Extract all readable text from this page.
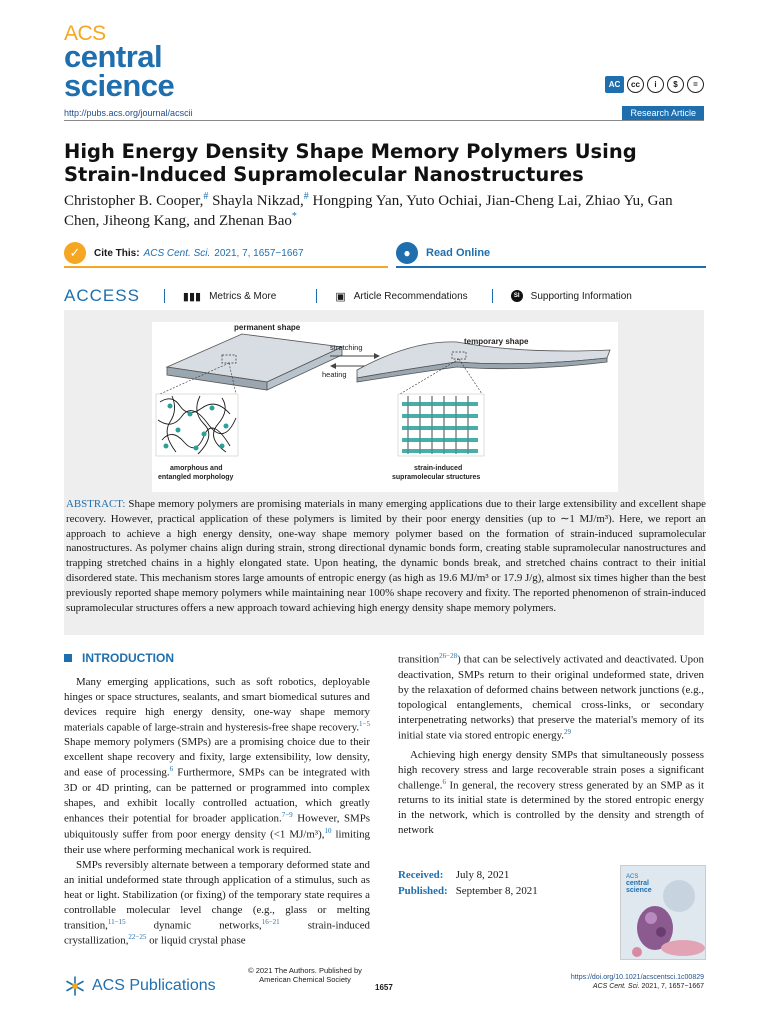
ACS
central
science	AC	cc	i	$	=
http://pubs.acs.org/journal/acscii	Research Article
High Energy Density Shape Memory Polymers Using Strain-Induced Supramolecular Nanostructures
Christopher B. Cooper,# Shayla Nikzad,# Hongping Yan, Yuto Ochiai, Jian-Cheng Lai, Zhiao Yu, Gan Chen, Jiheong Kang, and Zhenan Bao*
✓	Cite This: ACS Cent. Sci. 2021, 7, 1657−1667	●	Read Online
ACCESS	▮▮▮ Metrics & More	▣ Article Recommendations	SI	Supporting Information
permanent shape
stretching
heating
temporary shape
amorphous and
entangled morphology
strain-induced
supramolecular structures
ABSTRACT: Shape memory polymers are promising materials in many emerging applications due to their large extensibility and excellent shape recovery. However, practical application of these polymers is limited by their poor energy densities (up to ∼1 MJ/m³). Here, we report an approach to achieve a high energy density, one-way shape memory polymer based on the formation of strain-induced supramolecular nanostructures. As polymer chains align during strain, strong directional dynamic bonds form, creating stable supramolecular nanostructures and trapping stretched chains in a highly elongated state. Upon heating, the dynamic bonds break, and stretched chains contract to their initial disordered state. This mechanism stores large amounts of entropic energy (as high as 19.6 MJ/m³ or 17.9 J/g), almost six times higher than the best previously reported shape memory polymers while maintaining near 100% shape recovery and fixity. The reported phenomenon of strain-induced supramolecular structures offers a new approach toward achieving high energy density shape memory polymers.
INTRODUCTION

Many emerging applications, such as soft robotics, deployable hinges or space structures, sealants, and smart biomedical sutures and devices require high energy density, one-way shape memory materials capable of large-strain and hysteresis-free shape recovery.$^{1-5}$ Shape memory polymers (SMPs) are a promising choice due to their excellent shape recovery and fixity, large extensibility, low density, and ease of processing.$^6$ Furthermore, SMPs can be integrated with 3D or 4D printing, can be patterned or programmed into complex shapes, and exhibit locally controlled actuation, which greatly enhances their potential for broader application.$^{7-9}$ However, SMPs ubiquitously suffer from poor energy density (<1 MJ/m³),$^{10}$ limiting their use where performing mechanical work is required.

SMPs reversibly alternate between a temporary deformed state and an initial undeformed state through application of a stimulus, such as heat or light. Stabilization (or fixing) of the temporary state requires a controllable molecular level change (e.g., glass or melting transition,$^{11-15}$ dynamic networks,$^{16-21}$ strain-induced crystallization,$^{22-25}$ or liquid crystal phase

transition$^{26-28}$) that can be selectively activated and deactivated. Upon deactivation, SMPs return to their original undeformed state, driven by the relaxation of deformed chains between network junctions (e.g., topological entanglements, chemical cross-links, or secondary interpenetrating networks) that preserve the material's memory of its initial state via stored entropic energy.$^{29}$

Achieving high energy density SMPs that simultaneously possess high recovery stress and large recoverable strain poses a significant challenge.$^6$ In general, the recovery stress generated by an SMP as it returns to its initial state is determined by the stored entropic energy in the network, which is controlled by the density and strength of network

Received: July 8, 2021
Published: September 8, 2021
ACS
central
science
ACS Publications
© 2021 The Authors. Published by
American Chemical Society
1657
https://doi.org/10.1021/acscentsci.1c00829
ACS Cent. Sci. 2021, 7, 1657−1667
